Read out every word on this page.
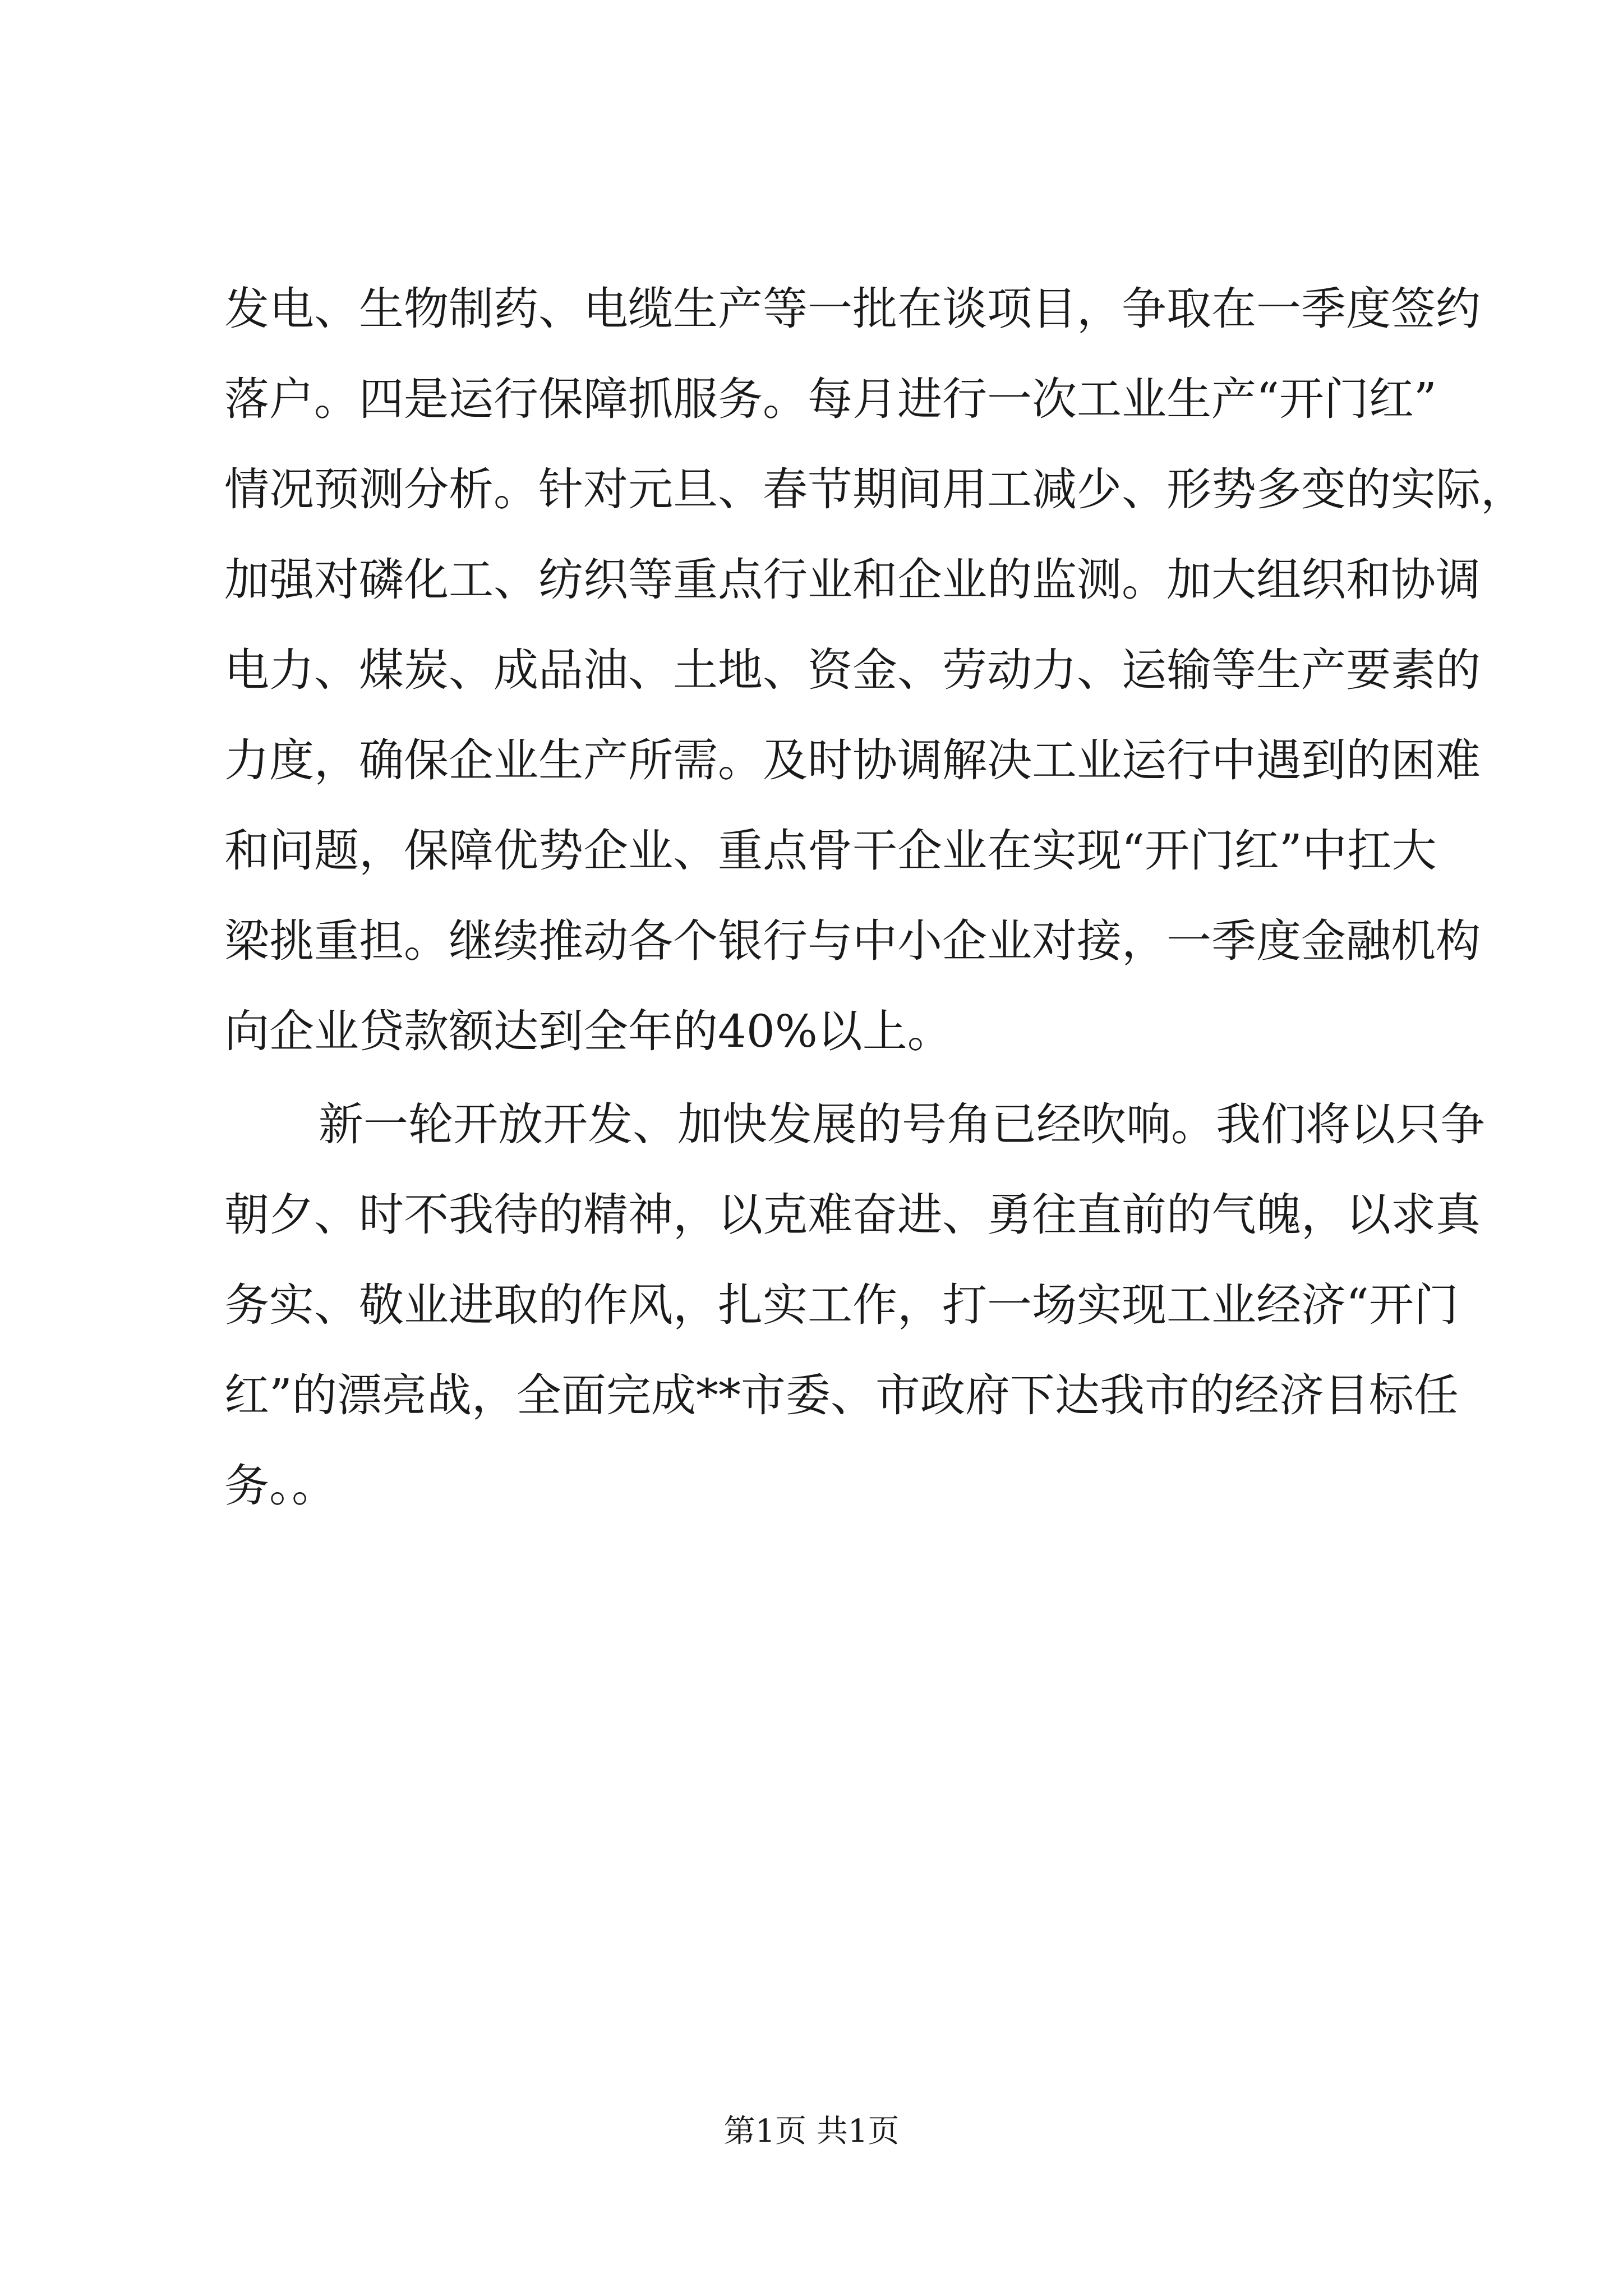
发电、生物制药、电缆生产等一批在谈项目，争取在一季度签约
落户。四是运行保障抓服务。每月进行一次工业生产“开门红”
情况预测分析。针对元旦、春节期间用工减少、形势多变的实际，
加强对磷化工、纺织等重点行业和企业的监测。加大组织和协调
电力、煤炭、成品油、土地、资金、劳动力、运输等生产要素的
力度，确保企业生产所需。及时协调解决工业运行中遇到的困难
和问题，保障优势企业、重点骨干企业在实现“开门红”中扛大
梁挑重担。继续推动各个银行与中小企业对接，一季度金融机构
向企业贷款额达到全年的40%以上。
新一轮开放开发、加快发展的号角已经吹响。我们将以只争
朝夕、时不我待的精神，以克难奋进、勇往直前的气魄，以求真
务实、敬业进取的作风，扎实工作，打一场实现工业经济“开门
红”的漂亮战，全面完成**市委、市政府下达我市的经济目标任
务。。
第1页 共1页
